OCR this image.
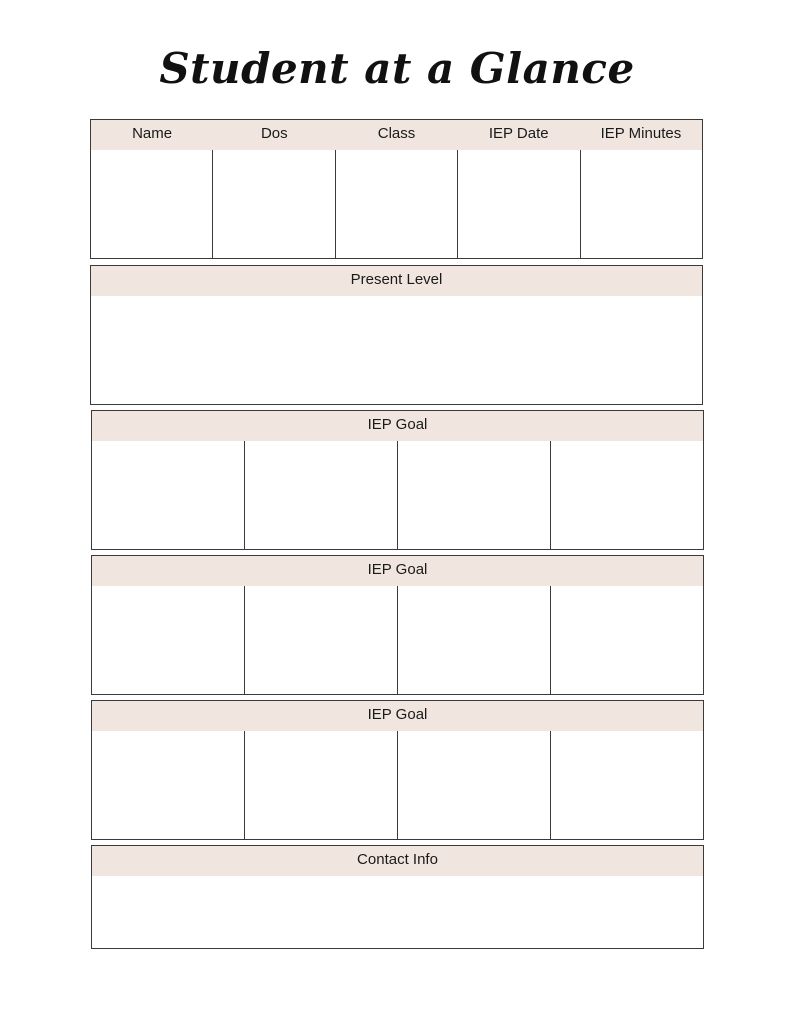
Student at a Glance
Name	Dos	Class	IEP Date	IEP Minutes
Present Level
IEP Goal
IEP Goal
IEP Goal
Contact Info
